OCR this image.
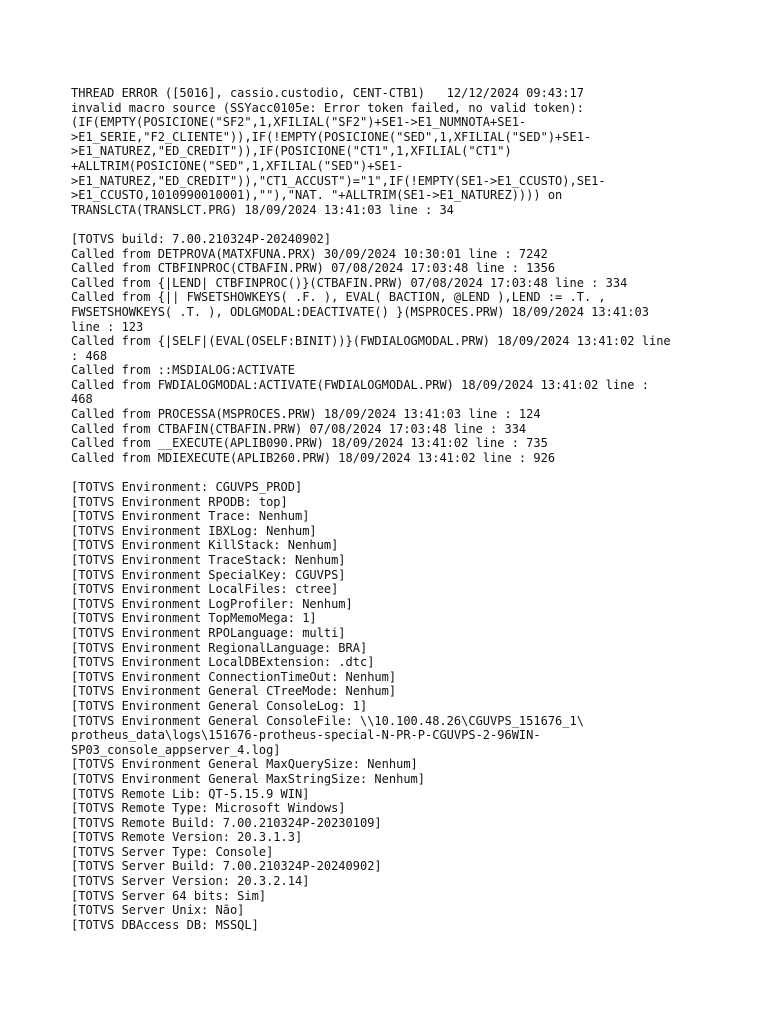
THREAD ERROR ([5016], cassio.custodio, CENT-CTB1)   12/12/2024 09:43:17
invalid macro source (SSYacc0105e: Error token failed, no valid token):
(IF(EMPTY(POSICIONE("SF2",1,XFILIAL("SF2")+SE1->E1_NUMNOTA+SE1-
>E1_SERIE,"F2_CLIENTE")),IF(!EMPTY(POSICIONE("SED",1,XFILIAL("SED")+SE1-
>E1_NATUREZ,"ED_CREDIT")),IF(POSICIONE("CT1",1,XFILIAL("CT1")
+ALLTRIM(POSICIONE("SED",1,XFILIAL("SED")+SE1-
>E1_NATUREZ,"ED_CREDIT")),"CT1_ACCUST")="1",IF(!EMPTY(SE1->E1_CCUSTO),SE1-
>E1_CCUSTO,1010990010001),""),"NAT. "+ALLTRIM(SE1->E1_NATUREZ)))) on
TRANSLCTA(TRANSLCT.PRG) 18/09/2024 13:41:03 line : 34
[TOTVS build: 7.00.210324P-20240902]
Called from DETPROVA(MATXFUNA.PRX) 30/09/2024 10:30:01 line : 7242
Called from CTBFINPROC(CTBAFIN.PRW) 07/08/2024 17:03:48 line : 1356
Called from {|LEND| CTBFINPROC()}(CTBAFIN.PRW) 07/08/2024 17:03:48 line : 334
Called from {|| FWSETSHOWKEYS( .F. ), EVAL( BACTION, @LEND ),LEND := .T. ,
FWSETSHOWKEYS( .T. ), ODLGMODAL:DEACTIVATE() }(MSPROCES.PRW) 18/09/2024 13:41:03
line : 123
Called from {|SELF|(EVAL(OSELF:BINIT))}(FWDIALOGMODAL.PRW) 18/09/2024 13:41:02 line
: 468
Called from ::MSDIALOG:ACTIVATE
Called from FWDIALOGMODAL:ACTIVATE(FWDIALOGMODAL.PRW) 18/09/2024 13:41:02 line :
468
Called from PROCESSA(MSPROCES.PRW) 18/09/2024 13:41:03 line : 124
Called from CTBAFIN(CTBAFIN.PRW) 07/08/2024 17:03:48 line : 334
Called from __EXECUTE(APLIB090.PRW) 18/09/2024 13:41:02 line : 735
Called from MDIEXECUTE(APLIB260.PRW) 18/09/2024 13:41:02 line : 926
[TOTVS Environment: CGUVPS_PROD]
[TOTVS Environment RPODB: top]
[TOTVS Environment Trace: Nenhum]
[TOTVS Environment IBXLog: Nenhum]
[TOTVS Environment KillStack: Nenhum]
[TOTVS Environment TraceStack: Nenhum]
[TOTVS Environment SpecialKey: CGUVPS]
[TOTVS Environment LocalFiles: ctree]
[TOTVS Environment LogProfiler: Nenhum]
[TOTVS Environment TopMemoMega: 1]
[TOTVS Environment RPOLanguage: multi]
[TOTVS Environment RegionalLanguage: BRA]
[TOTVS Environment LocalDBExtension: .dtc]
[TOTVS Environment ConnectionTimeOut: Nenhum]
[TOTVS Environment General CTreeMode: Nenhum]
[TOTVS Environment General ConsoleLog: 1]
[TOTVS Environment General ConsoleFile: \\10.100.48.26\CGUVPS_151676_1\
protheus_data\logs\151676-protheus-special-N-PR-P-CGUVPS-2-96WIN-
SP03_console_appserver_4.log]
[TOTVS Environment General MaxQuerySize: Nenhum]
[TOTVS Environment General MaxStringSize: Nenhum]
[TOTVS Remote Lib: QT-5.15.9 WIN]
[TOTVS Remote Type: Microsoft Windows]
[TOTVS Remote Build: 7.00.210324P-20230109]
[TOTVS Remote Version: 20.3.1.3]
[TOTVS Server Type: Console]
[TOTVS Server Build: 7.00.210324P-20240902]
[TOTVS Server Version: 20.3.2.14]
[TOTVS Server 64 bits: Sim]
[TOTVS Server Unix: Não]
[TOTVS DBAccess DB: MSSQL]
